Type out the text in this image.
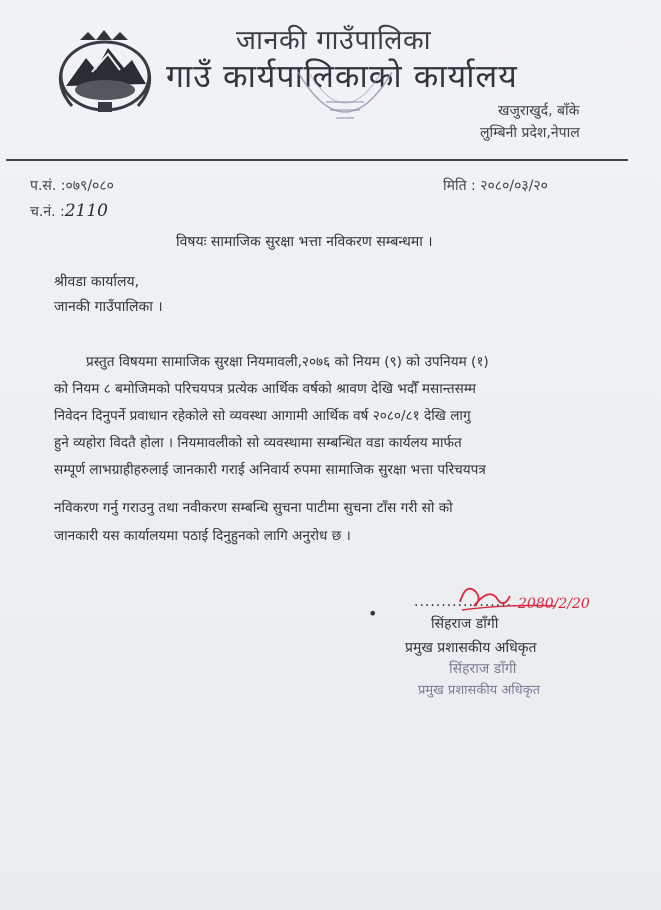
जानकी गाउँपालिका
गाउँ कार्यपालिकाको कार्यालय
खजुराखुर्द, बाँके
लुम्बिनी प्रदेश,नेपाल
प.सं. :०७९/०८०
च.नं. :2110
मिति : २०८०/०३/२०
विषयः सामाजिक सुरक्षा भत्ता नविकरण सम्बन्धमा ।
श्रीवडा कार्यालय,
जानकी गाउँपालिका ।
प्रस्तुत विषयमा सामाजिक सुरक्षा नियमावली,२०७६ को नियम (९) को उपनियम (१)
को नियम ८ बमोजिमको परिचयपत्र प्रत्येक आर्थिक वर्षको श्रावण देखि भदौँ मसान्तसम्म
निवेदन दिनुपर्ने प्रवाधान रहेकोले सो व्यवस्था आगामी आर्थिक वर्ष २०८०/८१ देखि लागु
हुने व्यहोरा विदतै होला । नियमावलीको सो व्यवस्थामा सम्बन्धित वडा कार्यलय मार्फत
सम्पूर्ण लाभग्राहीहरुलाई जानकारी गराई अनिवार्य रुपमा सामाजिक सुरक्षा भत्ता परिचयपत्र
नविकरण गर्नु गराउनु तथा नवीकरण सम्बन्धि सुचना पाटीमा सुचना टाँस गरी सो को
जानकारी यस कार्यालयमा पठाई दिनुहुनको लागि अनुरोध छ ।
•
.................. 2080/2/20
सिंहराज डाँगी
प्रमुख प्रशासकीय अधिकृत
सिंहराज डाँगी
प्रमुख प्रशासकीय अधिकृत
